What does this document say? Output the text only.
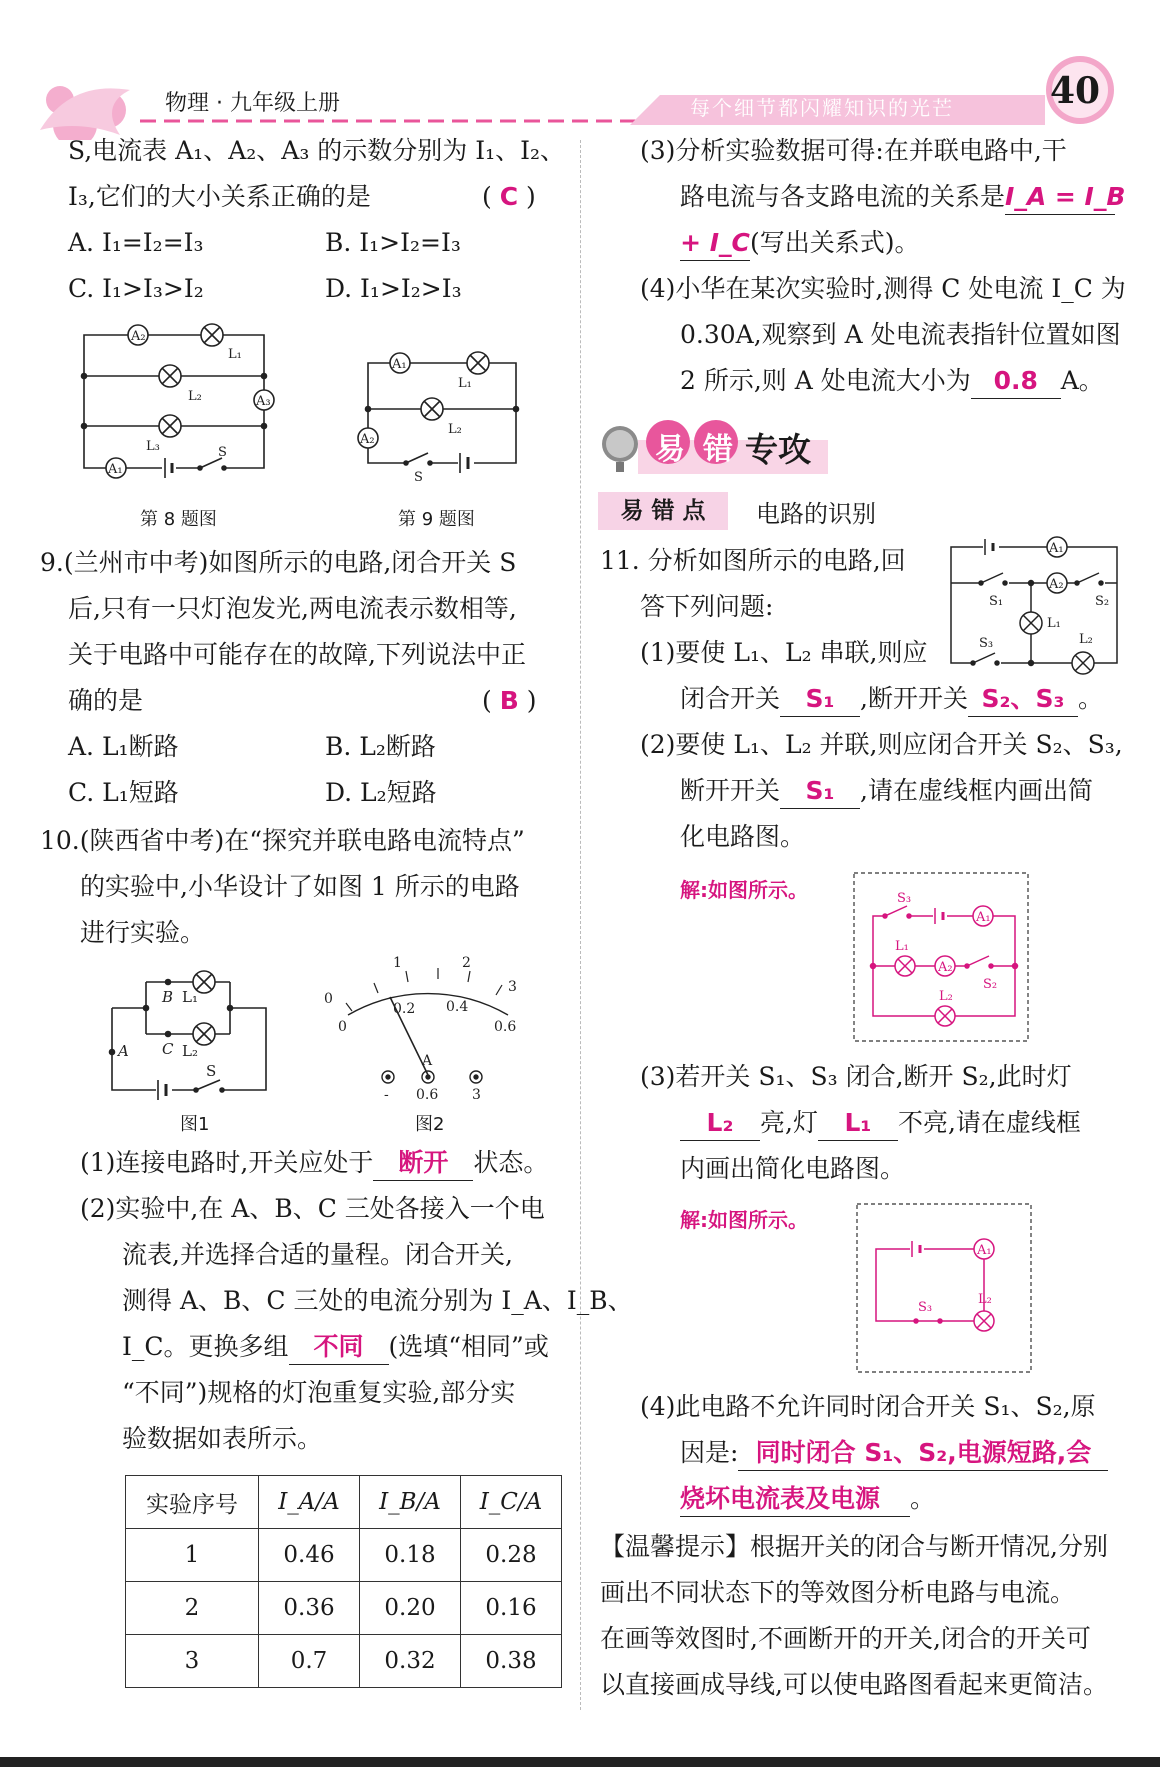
物理 · 九年级上册	每个细节都闪耀知识的光芒	40
S,电流表 A₁、A₂、A₃ 的示数分别为 I₁、I₂、
I₃,它们的大小关系正确的是	( C )
A. I₁=I₂=I₃	B. I₁>I₂=I₃
C. I₁>I₃>I₂	D. I₁>I₂>I₃
A₂
L₁
L₂	A₃
L₃
A₁
S
第 8 题图
A₁
L₁
L₂
A₂
S
第 9 题图
9.(兰州市中考)如图所示的电路,闭合开关 S
后,只有一只灯泡发光,两电流表示数相等,
关于电路中可能存在的故障,下列说法中正
确的是	( B )
A. L₁断路	B. L₂断路
C. L₁短路	D. L₂短路
10.(陕西省中考)在“探究并联电路电流特点”
的实验中,小华设计了如图 1 所示的电路
进行实验。
B L₁
C L₂
A
S
图1
1	2
3
0
0.2 0.4
0.6
0
A
- 0.6 3
图2
(1)连接电路时,开关应处于 断开 状态。
(2)实验中,在 A、B、C 三处各接入一个电
流表,并选择合适的量程。闭合开关,
测得 A、B、C 三处的电流分别为 I_A、I_B、
I_C。更换多组 不同 (选填“相同”或
“不同”)规格的灯泡重复实验,部分实
验数据如表所示。
实验序号	I_A/A	I_B/A	I_C/A
1	0.46	0.18	0.28
2	0.36	0.20	0.16
3	0.7	0.32	0.38
(3)分析实验数据可得:在并联电路中,干
路电流与各支路电流的关系是I_A = I_B
+ I_C(写出关系式)。
(4)小华在某次实验时,测得 C 处电流 I_C 为
0.30A,观察到 A 处电流表指针位置如图
2 所示,则 A 处电流大小为 0.8 A。
易 错 专攻
易 错 点	电路的识别
11. 分析如图所示的电路,回
答下列问题:
(1)要使 L₁、L₂ 串联,则应
A₁
S₁
A₂
S₂
L₁
L₂
S₃
闭合开关 S₁ ,断开开关 S₂、S₃ 。
(2)要使 L₁、L₂ 并联,则应闭合开关 S₂、S₃,
断开开关 S₁ ,请在虚线框内画出简
化电路图。
解:如图所示。	S₃
A₁
L₁
A₂
S₂
L₂
(3)若开关 S₁、S₃ 闭合,断开 S₂,此时灯
L₂ 亮,灯 L₁ 不亮,请在虚线框
内画出简化电路图。
解:如图所示。
A₁
S₃
L₂
(4)此电路不允许同时闭合开关 S₁、S₂,原
因是: 同时闭合 S₁、S₂,电源短路,会
烧坏电流表及电源 。
【温馨提示】根据开关的闭合与断开情况,分别
画出不同状态下的等效图分析电路与电流。
在画等效图时,不画断开的开关,闭合的开关可
以直接画成导线,可以使电路图看起来更简洁。
